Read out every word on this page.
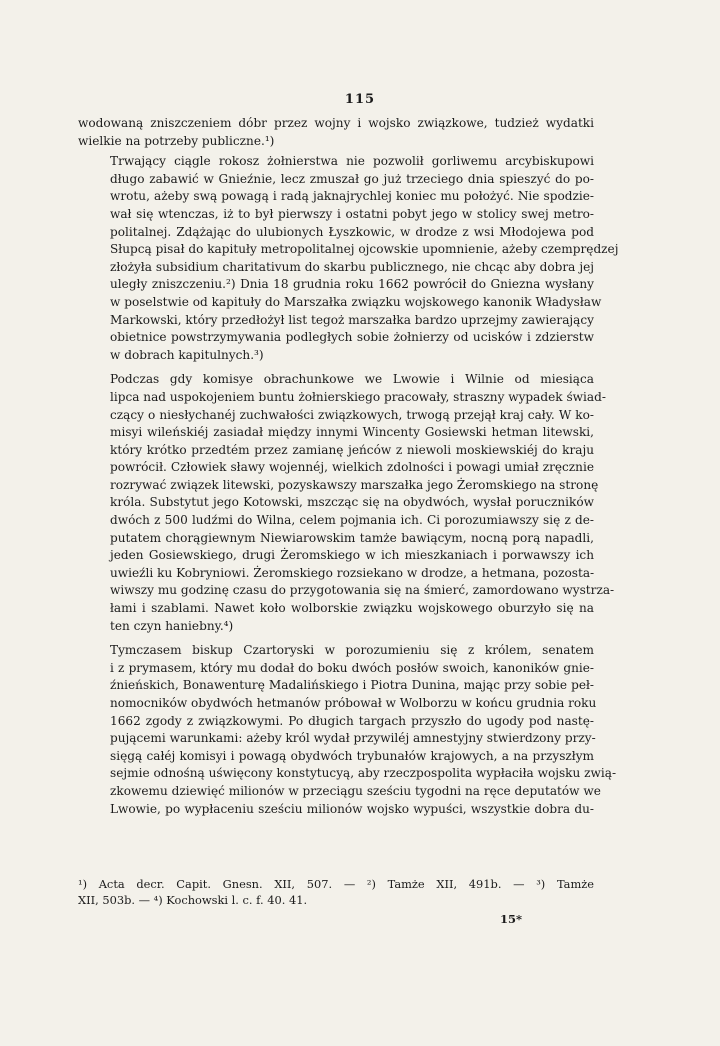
115

wodowaną zniszczeniem dóbr przez wojny i wojsko związkowe, tudzież wydatki
wielkie na potrzeby publiczne.¹)

Trwający ciągle rokosz żołnierstwa nie pozwolił gorliwemu arcybiskupowi
długo zabawić w Gnieźnie, lecz zmuszał go już trzeciego dnia spieszyć do po-
wrotu, ażeby swą powagą i radą jaknajrychlej koniec mu położyć. Nie spodzie-
wał się wtenczas, iż to był pierwszy i ostatni pobyt jego w stolicy swej metro-
politalnej. Zdążając do ulubionych Łyszkowic, w drodze z wsi Młodojewa pod
Słupcą pisał do kapituły metropolitalnej ojcowskie upomnienie, ażeby czemprędzej
złożyła subsidium charitativum do skarbu publicznego, nie chcąc aby dobra jej
uległy zniszczeniu.²) Dnia 18 grudnia roku 1662 powrócił do Gniezna wysłany
w poselstwie od kapituły do Marszałka związku wojskowego kanonik Władysław
Markowski, który przedłożył list tegoż marszałka bardzo uprzejmy zawierający
obietnice powstrzymywania podległych sobie żołnierzy od ucisków i zdzierstw
w dobrach kapitulnych.³)

Podczas gdy komisye obrachunkowe we Lwowie i Wilnie od miesiąca
lipca nad uspokojeniem buntu żołnierskiego pracowały, straszny wypadek świad-
czący o niesłychanéj zuchwałości związkowych, trwogą przejął kraj cały. W ko-
misyi wileńskiéj zasiadał między innymi Wincenty Gosiewski hetman litewski,
który krótko przedtém przez zamianę jeńców z niewoli moskiewskiéj do kraju
powrócił. Człowiek sławy wojennéj, wielkich zdolności i powagi umiał zręcznie
rozrywać związek litewski, pozyskawszy marszałka jego Żeromskiego na stronę
króla. Substytut jego Kotowski, mszcząc się na obydwóch, wysłał poruczników
dwóch z 500 ludźmi do Wilna, celem pojmania ich. Ci porozumiawszy się z de-
putatem chorągiewnym Niewiarowskim tamże bawiącym, nocną porą napadli,
jeden Gosiewskiego, drugi Żeromskiego w ich mieszkaniach i porwawszy ich
uwieźli ku Kobryniowi. Żeromskiego rozsiekano w drodze, a hetmana, pozosta-
wiwszy mu godzinę czasu do przygotowania się na śmierć, zamordowano wystrza-
łami i szablami. Nawet koło wolborskie związku wojskowego oburzyło się na
ten czyn haniebny.⁴)

Tymczasem biskup Czartoryski w porozumieniu się z królem, senatem
i z prymasem, który mu dodał do boku dwóch posłów swoich, kanoników gnie-
źnieńskich, Bonawenturę Madalińskiego i Piotra Dunina, mając przy sobie peł-
nomocników obydwóch hetmanów próbował w Wolborzu w końcu grudnia roku
1662 zgody z związkowymi. Po długich targach przyszło do ugody pod nastę-
pującemi warunkami: ażeby król wydał przywiléj amnestyjny stwierdzony przy-
sięgą całéj komisyi i powagą obydwóch trybunałów krajowych, a na przyszłym
sejmie odnośną uświęcony konstytucyą, aby rzeczpospolita wypłaciła wojsku zwią-
zkowemu dziewięć milionów w przeciągu sześciu tygodni na ręce deputatów we
Lwowie, po wypłaceniu sześciu milionów wojsko wypuści, wszystkie dobra du-

¹) Acta decr. Capit. Gnesn. XII, 507. — ²) Tamże XII, 491b. — ³) Tamże
XII, 503b. — ⁴) Kochowski l. c. f. 40. 41.
15*
